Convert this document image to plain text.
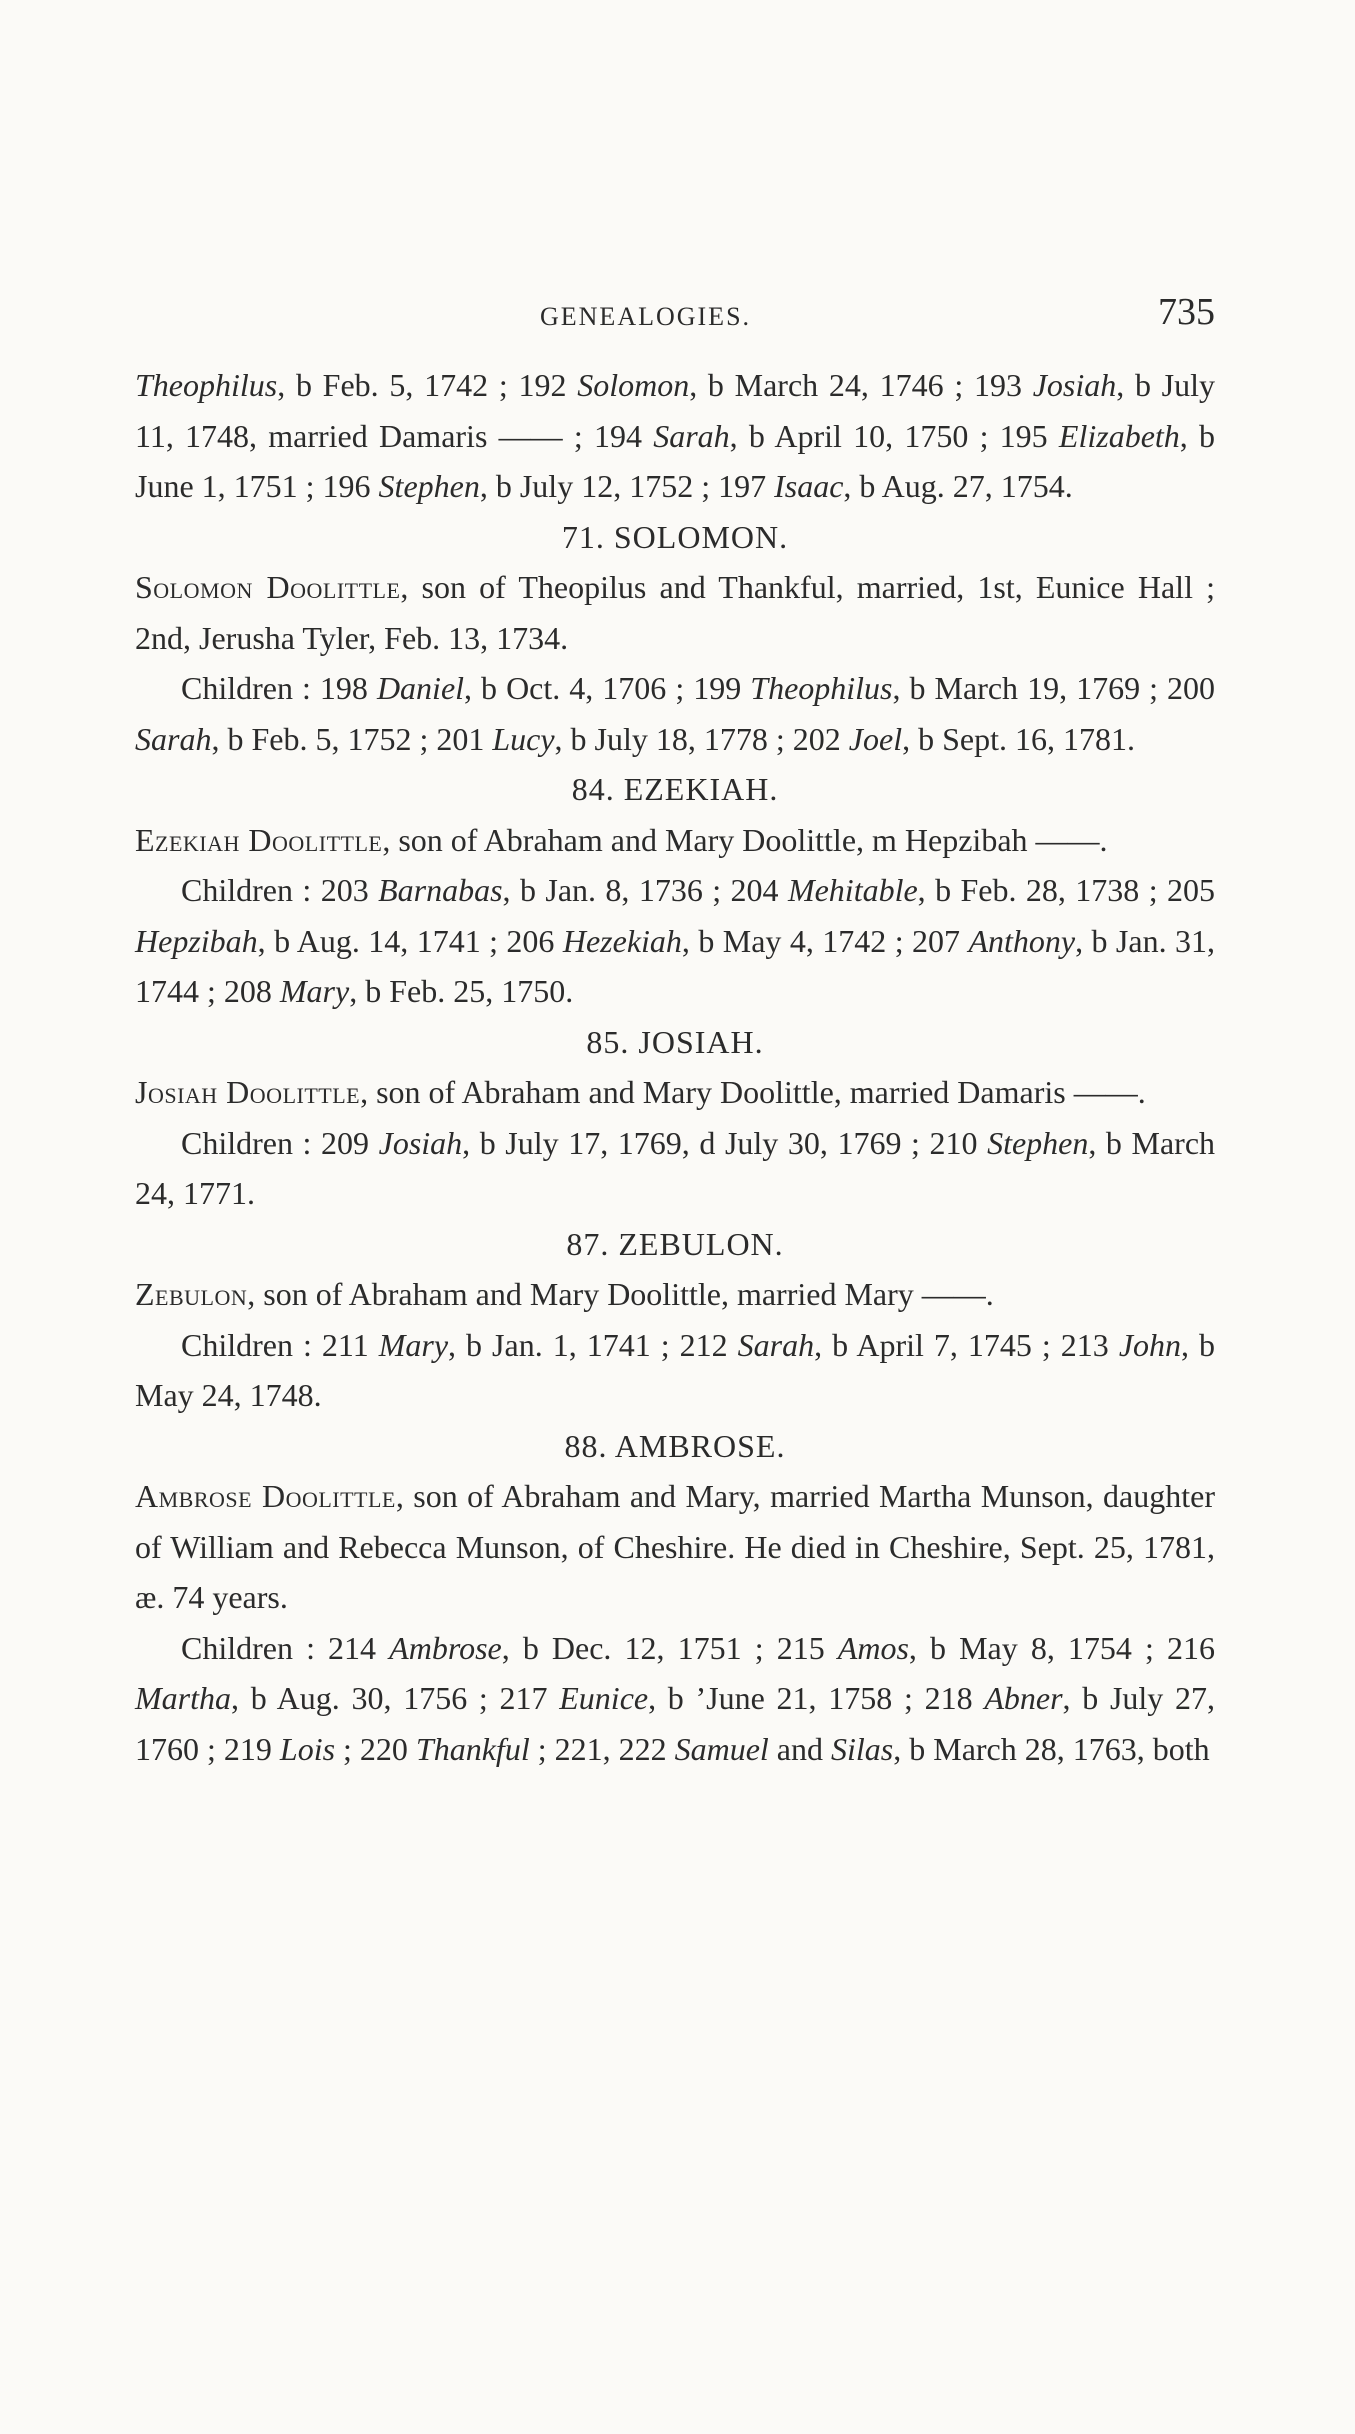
GENEALOGIES.	735

Theophilus, b Feb. 5, 1742 ; 192 Solomon, b March 24, 1746 ; 193 Josiah, b July 11, 1748, married Damaris —— ; 194 Sarah, b April 10, 1750 ; 195 Elizabeth, b June 1, 1751 ; 196 Stephen, b July 12, 1752 ; 197 Isaac, b Aug. 27, 1754.

71. SOLOMON.

Solomon Doolittle, son of Theopilus and Thankful, married, 1st, Eunice Hall ; 2nd, Jerusha Tyler, Feb. 13, 1734.

Children : 198 Daniel, b Oct. 4, 1706 ; 199 Theophilus, b March 19, 1769 ; 200 Sarah, b Feb. 5, 1752 ; 201 Lucy, b July 18, 1778 ; 202 Joel, b Sept. 16, 1781.

84. EZEKIAH.

Ezekiah Doolittle, son of Abraham and Mary Doolittle, m Hepzibah ——.

Children : 203 Barnabas, b Jan. 8, 1736 ; 204 Mehitable, b Feb. 28, 1738 ; 205 Hepzibah, b Aug. 14, 1741 ; 206 Hezekiah, b May 4, 1742 ; 207 Anthony, b Jan. 31, 1744 ; 208 Mary, b Feb. 25, 1750.

85. JOSIAH.

Josiah Doolittle, son of Abraham and Mary Doolittle, married Damaris ——.

Children : 209 Josiah, b July 17, 1769, d July 30, 1769 ; 210 Stephen, b March 24, 1771.

87. ZEBULON.

Zebulon, son of Abraham and Mary Doolittle, married Mary ——.

Children : 211 Mary, b Jan. 1, 1741 ; 212 Sarah, b April 7, 1745 ; 213 John, b May 24, 1748.

88. AMBROSE.

Ambrose Doolittle, son of Abraham and Mary, married Martha Munson, daughter of William and Rebecca Munson, of Cheshire. He died in Cheshire, Sept. 25, 1781, æ. 74 years.

Children : 214 Ambrose, b Dec. 12, 1751 ; 215 Amos, b May 8, 1754 ; 216 Martha, b Aug. 30, 1756 ; 217 Eunice, b ’June 21, 1758 ; 218 Abner, b July 27, 1760 ; 219 Lois ; 220 Thankful ; 221, 222 Samuel and Silas, b March 28, 1763, both
